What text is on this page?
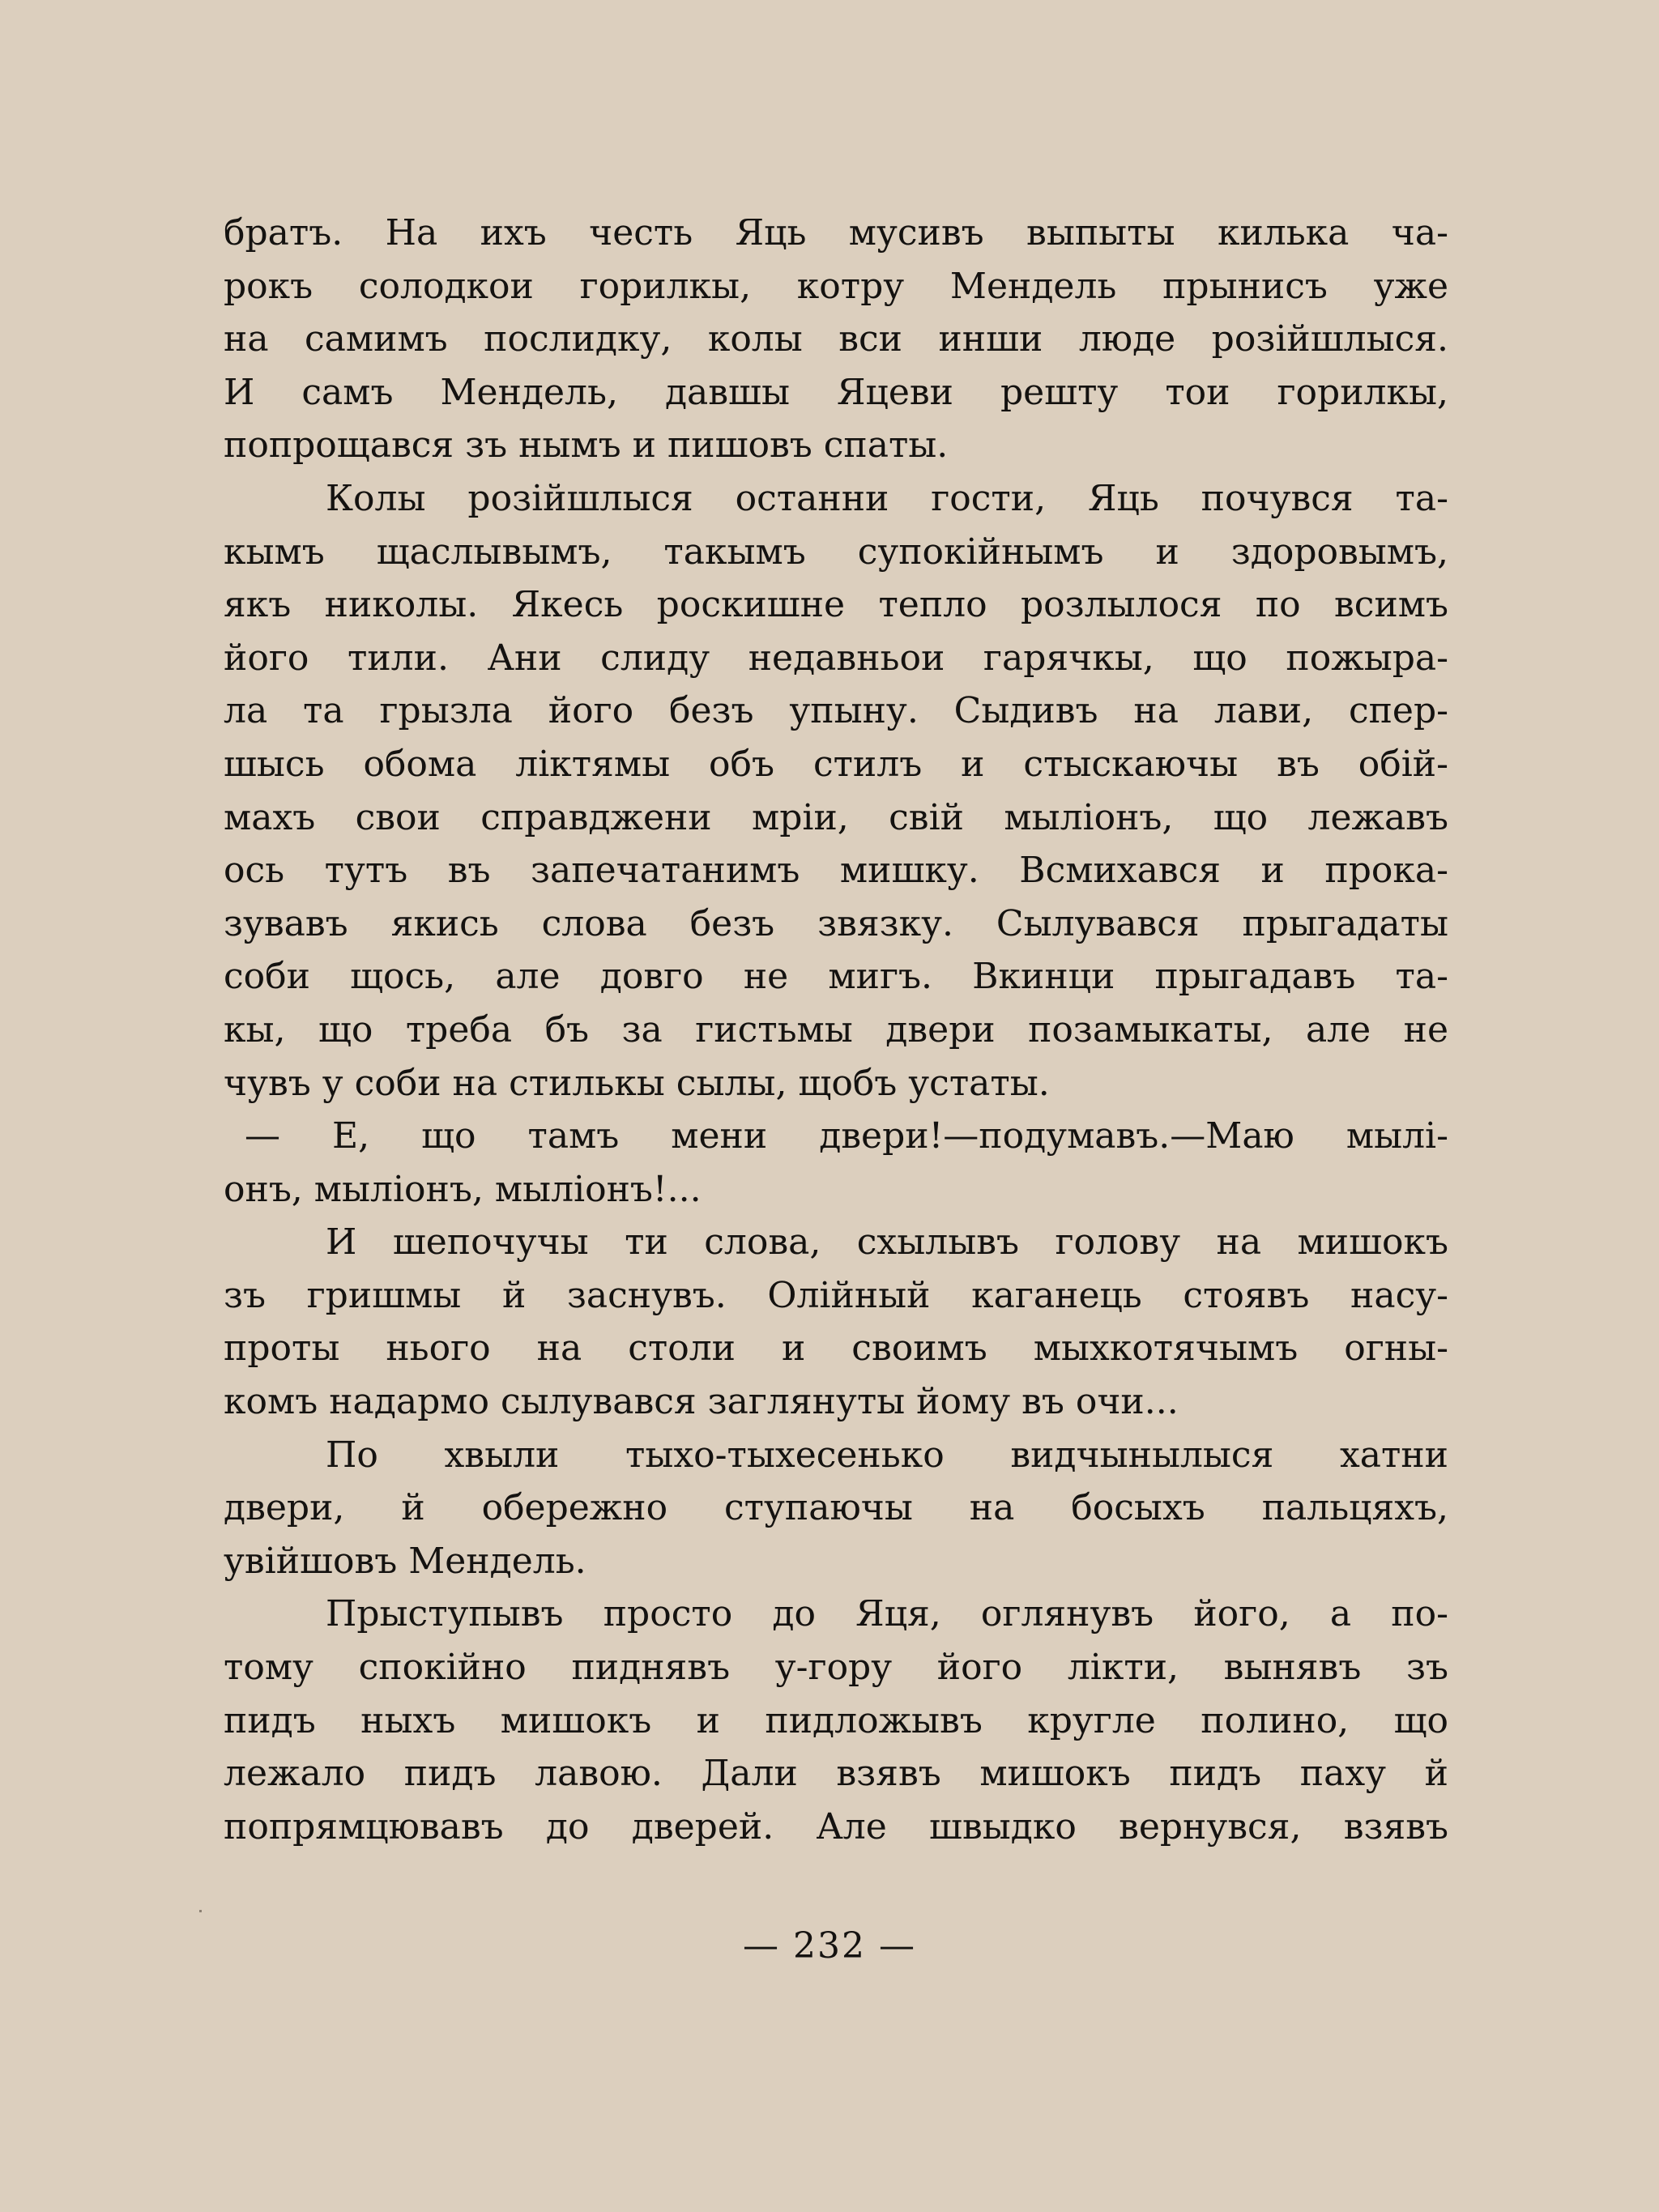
братъ. На ихъ честь Яць мусивъ выпыты килька ча-
рокъ солодкои горилкы, котру Мендель прынисъ уже
на самимъ послидку, колы вси инши люде розійшлыся.
И самъ Мендель, давшы Яцеви решту тои горилкы,
попрощався зъ нымъ и пишовъ спаты.
Колы розійшлыся останни гости, Яць почувся та-
кымъ щаслывымъ, такымъ супокійнымъ и здоровымъ,
якъ николы. Якесь роскишне тепло розлылося по всимъ
його тили. Ани слиду недавньои гарячкы, що пожыра-
ла та грызла його безъ упыну. Сыдивъ на лави, спер-
шысь обома лiктямы объ стилъ и стыскаючы въ обій-
махъ свои справджени мріи, свій мылiонъ, що лежавъ
ось тутъ въ запечатанимъ мишку. Всмихався и прока-
зувавъ якись слова безъ звязку. Сылувався прыгадаты
соби щось, але довго не мигъ. Вкинци прыгадавъ та-
кы, що треба бъ за гистьмы двери позамыкаты, але не
чувъ у соби на стилькы сылы, щобъ устаты.
— Е, що тамъ мени двери!—подумавъ.—Маю мылі-
онъ, мылiонъ, мылiонъ!...
И шепочучы ти слова, схылывъ голову на мишокъ
зъ гришмы й заснувъ. Олійный каганець стоявъ насу-
проты нього на столи и своимъ мыхкотячымъ огны-
комъ надармо сылувався заглянуты йому въ очи...
По хвыли тыхо-тыхесенько видчынылыся хатни
двери, й обережно ступаючы на босыхъ пальцяхъ,
увійшовъ Мендель.
Прыступывъ просто до Яця, оглянувъ його, а по-
тому спокійно пиднявъ у-гору його лiкти, вынявъ зъ
пидъ ныхъ мишокъ и пидложывъ кругле полино, що
лежало пидъ лавою. Дали взявъ мишокъ пидъ паху й
попрямцювавъ до дверей. Але швыдко вернувся, взявъ
— 232 —
